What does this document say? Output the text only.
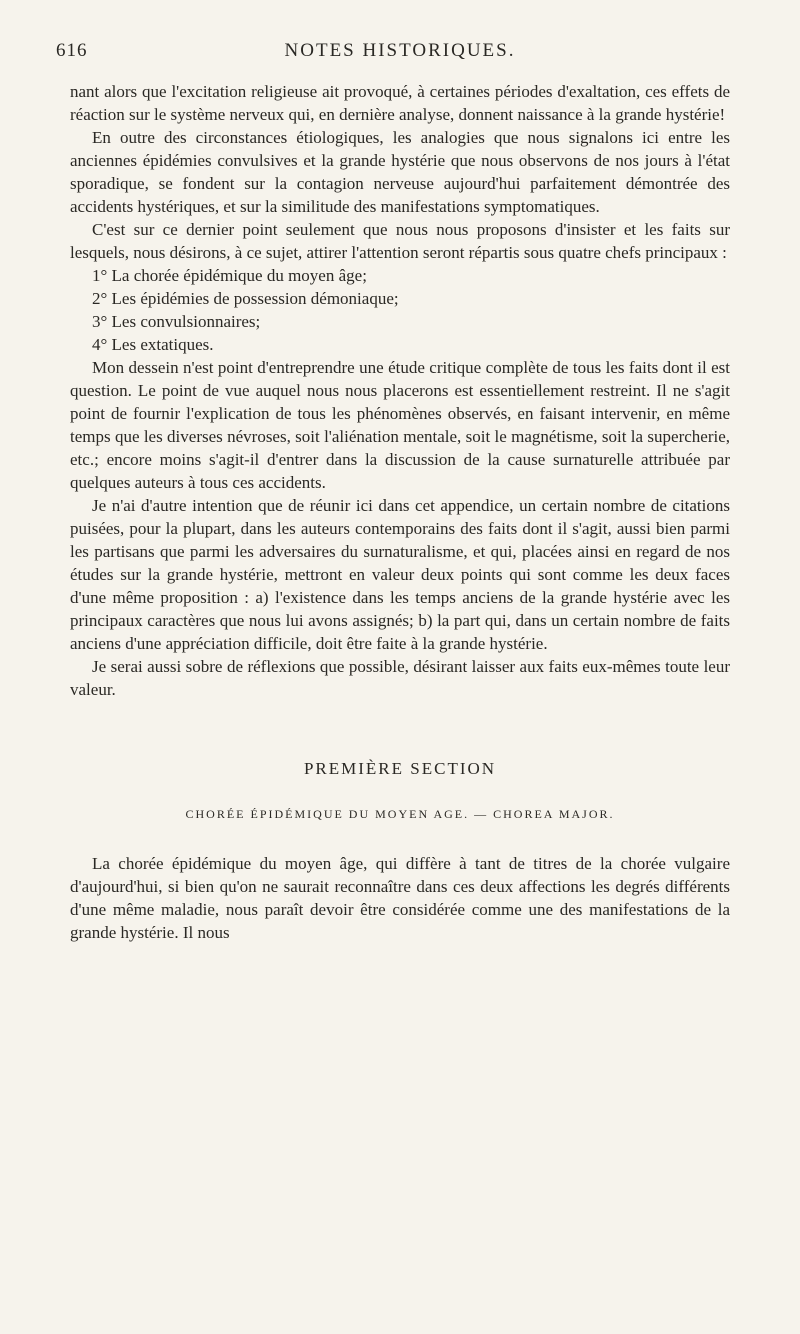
616	NOTES HISTORIQUES.

nant alors que l'excitation religieuse ait provoqué, à certaines périodes d'exaltation, ces effets de réaction sur le système nerveux qui, en dernière analyse, donnent naissance à la grande hystérie!

En outre des circonstances étiologiques, les analogies que nous signalons ici entre les anciennes épidémies convulsives et la grande hystérie que nous observons de nos jours à l'état sporadique, se fondent sur la contagion nerveuse aujourd'hui parfaitement démontrée des accidents hystériques, et sur la similitude des manifestations symptomatiques.

C'est sur ce dernier point seulement que nous nous proposons d'insister et les faits sur lesquels, nous désirons, à ce sujet, attirer l'attention seront répartis sous quatre chefs principaux :

1° La chorée épidémique du moyen âge;

2° Les épidémies de possession démoniaque;

3° Les convulsionnaires;

4° Les extatiques.

Mon dessein n'est point d'entreprendre une étude critique complète de tous les faits dont il est question. Le point de vue auquel nous nous placerons est essentiellement restreint. Il ne s'agit point de fournir l'explication de tous les phénomènes observés, en faisant intervenir, en même temps que les diverses névroses, soit l'aliénation mentale, soit le magnétisme, soit la supercherie, etc.; encore moins s'agit-il d'entrer dans la discussion de la cause surnaturelle attribuée par quelques auteurs à tous ces accidents.

Je n'ai d'autre intention que de réunir ici dans cet appendice, un certain nombre de citations puisées, pour la plupart, dans les auteurs contemporains des faits dont il s'agit, aussi bien parmi les partisans que parmi les adversaires du surnaturalisme, et qui, placées ainsi en regard de nos études sur la grande hystérie, mettront en valeur deux points qui sont comme les deux faces d'une même proposition : a) l'existence dans les temps anciens de la grande hystérie avec les principaux caractères que nous lui avons assignés; b) la part qui, dans un certain nombre de faits anciens d'une appréciation difficile, doit être faite à la grande hystérie.

Je serai aussi sobre de réflexions que possible, désirant laisser aux faits eux-mêmes toute leur valeur.

PREMIÈRE SECTION
CHORÉE ÉPIDÉMIQUE DU MOYEN AGE. — CHOREA MAJOR.

La chorée épidémique du moyen âge, qui diffère à tant de titres de la chorée vulgaire d'aujourd'hui, si bien qu'on ne saurait reconnaître dans ces deux affections les degrés différents d'une même maladie, nous paraît devoir être considérée comme une des manifestations de la grande hystérie. Il nous
